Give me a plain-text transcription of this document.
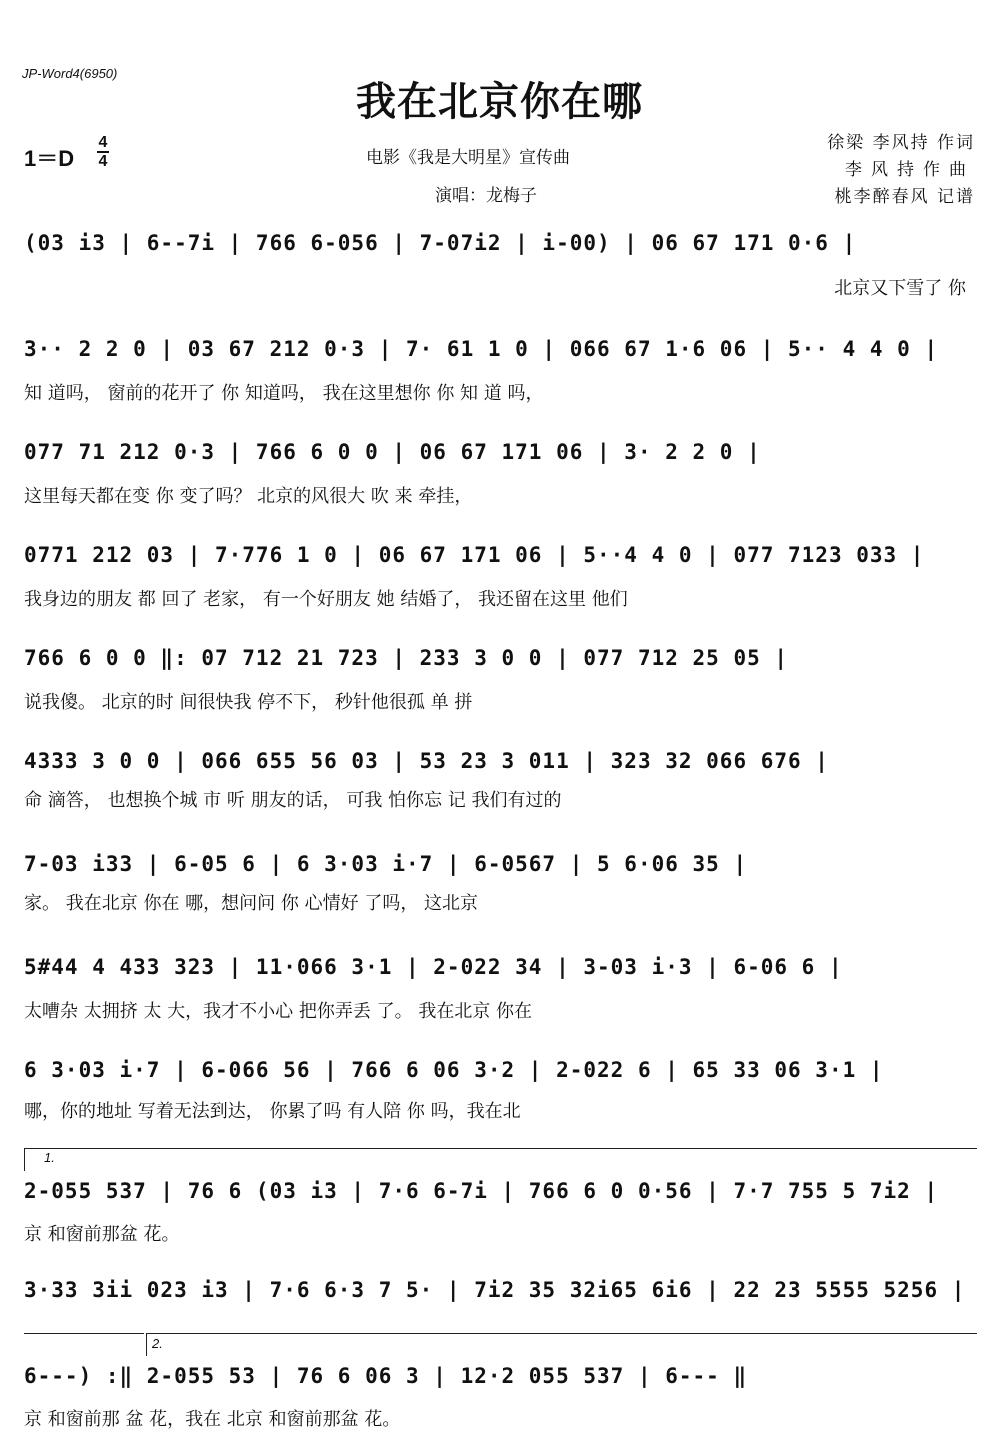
JP-Word4(6950)
我在北京你在哪
1＝D
4
4	电影《我是大明星》宣传曲
演唱：龙梅子
徐梁 李风持 作词
李风持作曲
桃李醉春风 记谱
(03 i3 | 6--7i | 766 6-056 | 7-07i2 | i-00) | 06 67 171 0·6 |
北京又下雪了 你
3·· 2 2 0 | 03 67 212 0·3 | 7· 61 1 0 | 066 67 1·6 06 | 5·· 4 4 0 |
知 道吗， 窗前的花开了 你 知道吗， 我在这里想你 你 知 道 吗，
077 71 212 0·3 | 766 6 0 0 | 06 67 171 06 | 3· 2 2 0 |
这里每天都在变 你 变了吗？ 北京的风很大 吹 来 牵挂，
0771 212 03 | 7·776 1 0 | 06 67 171 06 | 5··4 4 0 | 077 7123 033 |
我身边的朋友 都 回了 老家， 有一个好朋友 她 结婚了， 我还留在这里 他们
766 6 0 0 ‖: 07 712 21 723 | 233 3 0 0 | 077 712 25 05 |
说我傻。 北京的时 间很快我 停不下， 秒针他很孤 单 拼
4333 3 0 0 | 066 655 56 03 | 53 23 3 011 | 323 32 066 676 |
命 滴答， 也想换个城 市 听 朋友的话， 可我 怕你忘 记 我们有过的
7-03 i33 | 6-05 6 | 6 3·03 i·7 | 6-0567 | 5 6·06 35 |
家。 我在北京 你在 哪，想问问 你 心情好 了吗， 这北京
5#44 4 433 323 | 11·066 3·1 | 2-022 34 | 3-03 i·3 | 6-06 6 |
太嘈杂 太拥挤 太 大，我才不小心 把你弄丢 了。 我在北京 你在
6 3·03 i·7 | 6-066 56 | 766 6 06 3·2 | 2-022 6 | 65 33 06 3·1 |
哪，你的地址 写着无法到达， 你累了吗 有人陪 你 吗，我在北
1.
2-055 537 | 76 6 (03 i3 | 7·6 6-7i | 766 6 0 0·56 | 7·7 755 5 7i2 |
京 和窗前那盆 花。
3·33 3ii 023 i3 | 7·6 6·3 7 5· | 7i2 35 32i65 6i6 | 22 23 5555 5256 |
2.
6---) :‖ 2-055 53 | 76 6 06 3 | 12·2 055 537 | 6--- ‖
京 和窗前那 盆 花，我在 北京 和窗前那盆 花。
